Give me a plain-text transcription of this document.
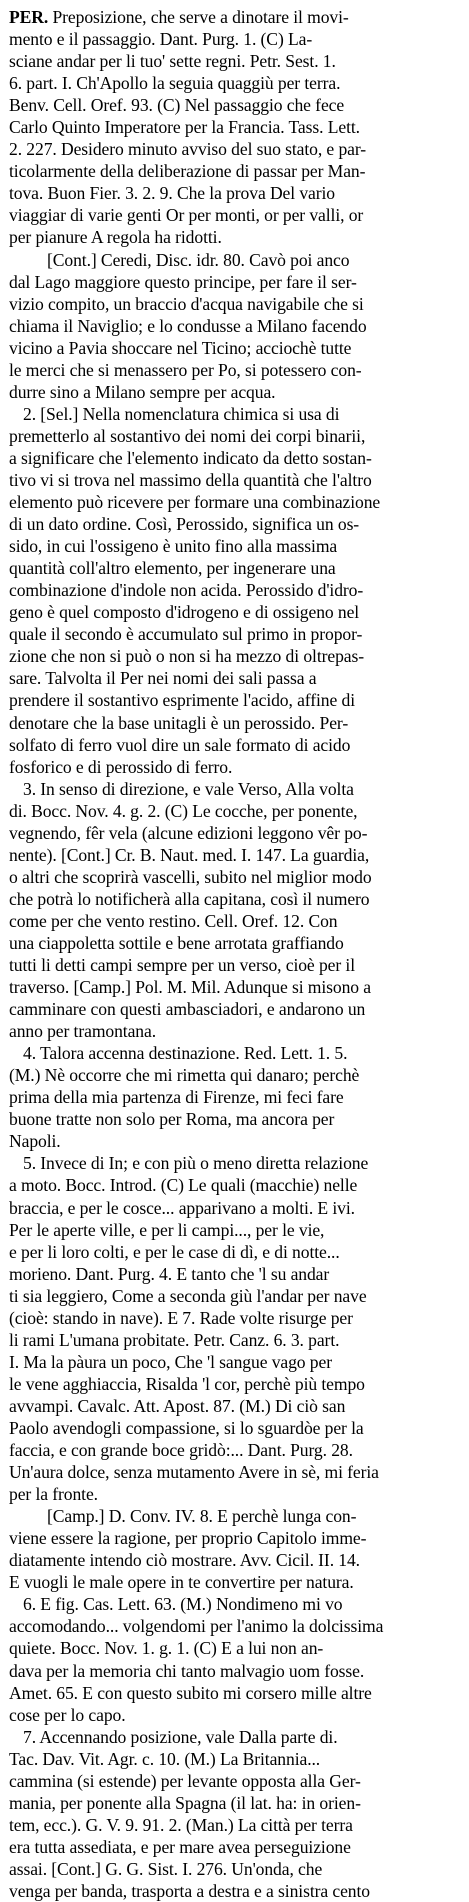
PER. Preposizione, che serve a dinotare il movi-
mento e il passaggio. Dant. Purg. 1. (C) La-
sciane andar per li tuo' sette regni. Petr. Sest. 1.
6. part. I. Ch'Apollo la seguia quaggiù per terra.
Benv. Cell. Oref. 93. (C) Nel passaggio che fece
Carlo Quinto Imperatore per la Francia. Tass. Lett.
2. 227. Desidero minuto avviso del suo stato, e par-
ticolarmente della deliberazione di passar per Man-
tova. Buon Fier. 3. 2. 9. Che la prova Del vario
viaggiar di varie genti Or per monti, or per valli, or
per pianure A regola ha ridotti.
[Cont.] Ceredi, Disc. idr. 80. Cavò poi anco
dal Lago maggiore questo principe, per fare il ser-
vizio compito, un braccio d'acqua navigabile che si
chiama il Naviglio; e lo condusse a Milano facendo
vicino a Pavia shoccare nel Ticino; acciochè tutte
le merci che si menassero per Po, si potessero con-
durre sino a Milano sempre per acqua.
2. [Sel.] Nella nomenclatura chimica si usa di
premetterlo al sostantivo dei nomi dei corpi binarii,
a significare che l'elemento indicato da detto sostan-
tivo vi si trova nel massimo della quantità che l'altro
elemento può ricevere per formare una combinazione
di un dato ordine. Così, Perossido, significa un os-
sido, in cui l'ossigeno è unito fino alla massima
quantità coll'altro elemento, per ingenerare una
combinazione d'indole non acida. Perossido d'idro-
geno è quel composto d'idrogeno e di ossigeno nel
quale il secondo è accumulato sul primo in propor-
zione che non si può o non si ha mezzo di oltrepas-
sare. Talvolta il Per nei nomi dei sali passa a
prendere il sostantivo esprimente l'acido, affine di
denotare che la base unitagli è un perossido. Per-
solfato di ferro vuol dire un sale formato di acido
fosforico e di perossido di ferro.
3. In senso di direzione, e vale Verso, Alla volta
di. Bocc. Nov. 4. g. 2. (C) Le cocche, per ponente,
vegnendo, fêr vela (alcune edizioni leggono vêr po-
nente). [Cont.] Cr. B. Naut. med. I. 147. La guardia,
o altri che scoprirà vascelli, subito nel miglior modo
che potrà lo notificherà alla capitana, così il numero
come per che vento restino. Cell. Oref. 12. Con
una ciappoletta sottile e bene arrotata graffiando
tutti li detti campi sempre per un verso, cioè per il
traverso. [Camp.] Pol. M. Mil. Adunque si misono a
camminare con questi ambasciadori, e andarono un
anno per tramontana.
4. Talora accenna destinazione. Red. Lett. 1. 5.
(M.) Nè occorre che mi rimetta qui danaro; perchè
prima della mia partenza di Firenze, mi feci fare
buone tratte non solo per Roma, ma ancora per
Napoli.
5. Invece di In; e con più o meno diretta relazione
a moto. Bocc. Introd. (C) Le quali (macchie) nelle
braccia, e per le cosce... apparivano a molti. E ivi.
Per le aperte ville, e per li campi..., per le vie,
e per li loro colti, e per le case di dì, e di notte...
morieno. Dant. Purg. 4. E tanto che 'l su andar
ti sia leggiero, Come a seconda giù l'andar per nave
(cioè: stando in nave). E 7. Rade volte risurge per
li rami L'umana probitate. Petr. Canz. 6. 3. part.
I. Ma la pàura un poco, Che 'l sangue vago per
le vene agghiaccia, Risalda 'l cor, perchè più tempo
avvampi. Cavalc. Att. Apost. 87. (M.) Di ciò san
Paolo avendogli compassione, si lo sguardòe per la
faccia, e con grande boce gridò:... Dant. Purg. 28.
Un'aura dolce, senza mutamento Avere in sè, mi feria
per la fronte.
[Camp.] D. Conv. IV. 8. E perchè lunga con-
viene essere la ragione, per proprio Capitolo imme-
diatamente intendo ciò mostrare. Avv. Cicil. II. 14.
E vuogli le male opere in te convertire per natura.
6. E fig. Cas. Lett. 63. (M.) Nondimeno mi vo
accomodando... volgendomi per l'animo la dolcissima
quiete. Bocc. Nov. 1. g. 1. (C) E a lui non an-
dava per la memoria chi tanto malvagio uom fosse.
Amet. 65. E con questo subito mi corsero mille altre
cose per lo capo.
7. Accennando posizione, vale Dalla parte di.
Tac. Dav. Vit. Agr. c. 10. (M.) La Britannia...
cammina (si estende) per levante opposta alla Ger-
mania, per ponente alla Spagna (il lat. ha: in orien-
tem, ecc.). G. V. 9. 91. 2. (Man.) La città per terra
era tutta assediata, e per mare avea perseguizione
assai. [Cont.] G. G. Sist. I. 276. Un'onda, che
venga per banda, trasporta a destra e a sinistra cento
